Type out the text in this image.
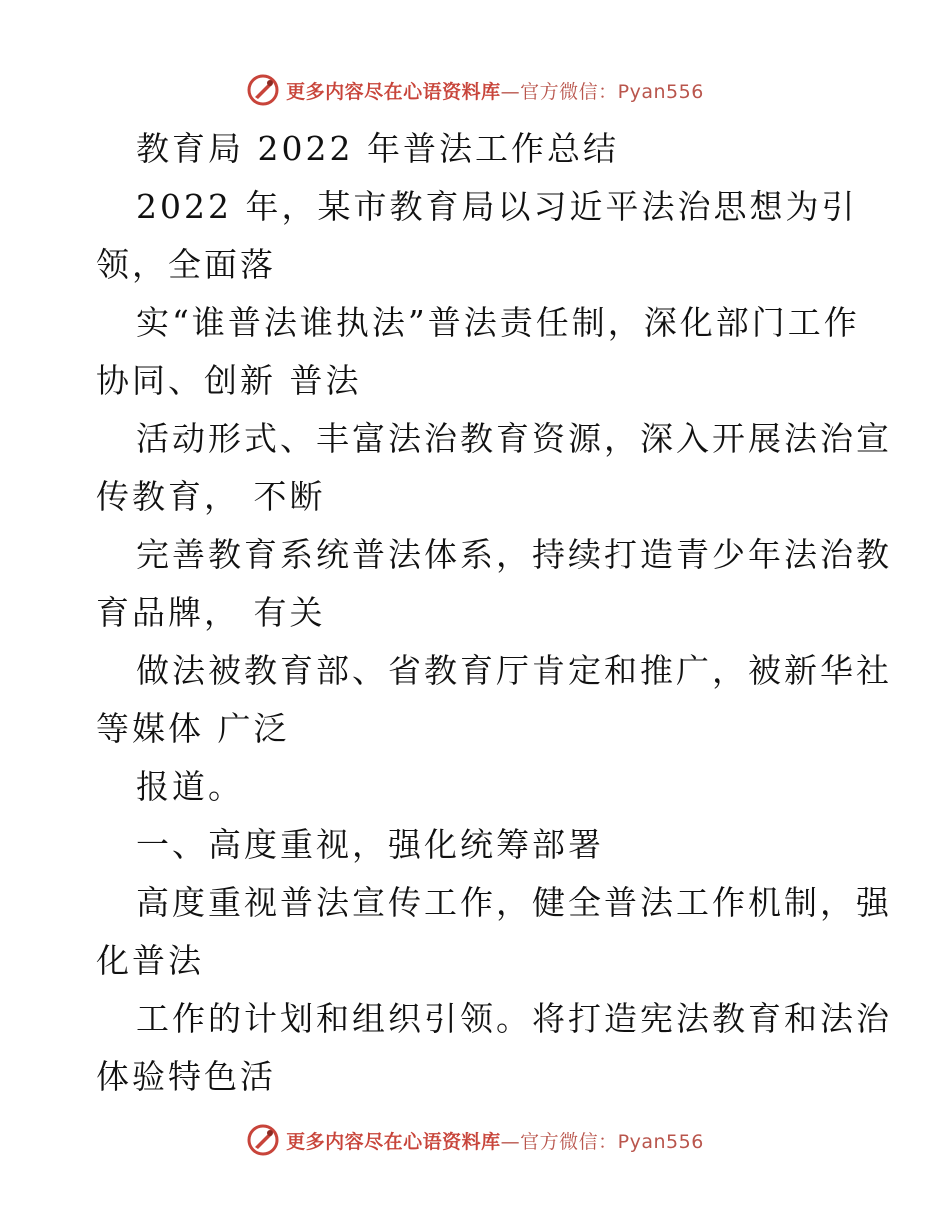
更多内容尽在心语资料库—官方微信：Pyan556
教育局 2022 年普法工作总结
2022 年，某市教育局以习近平法治思想为引
领，全面落
实“谁普法谁执法”普法责任制，深化部门工作
协同、创新 普法
活动形式、丰富法治教育资源，深入开展法治宣
传教育， 不断
完善教育系统普法体系，持续打造青少年法治教
育品牌， 有关
做法被教育部、省教育厅肯定和推广，被新华社
等媒体 广泛
报道。
一、高度重视，强化统筹部署
高度重视普法宣传工作，健全普法工作机制，强
化普法
工作的计划和组织引领。将打造宪法教育和法治
体验特色活
更多内容尽在心语资料库—官方微信：Pyan556
